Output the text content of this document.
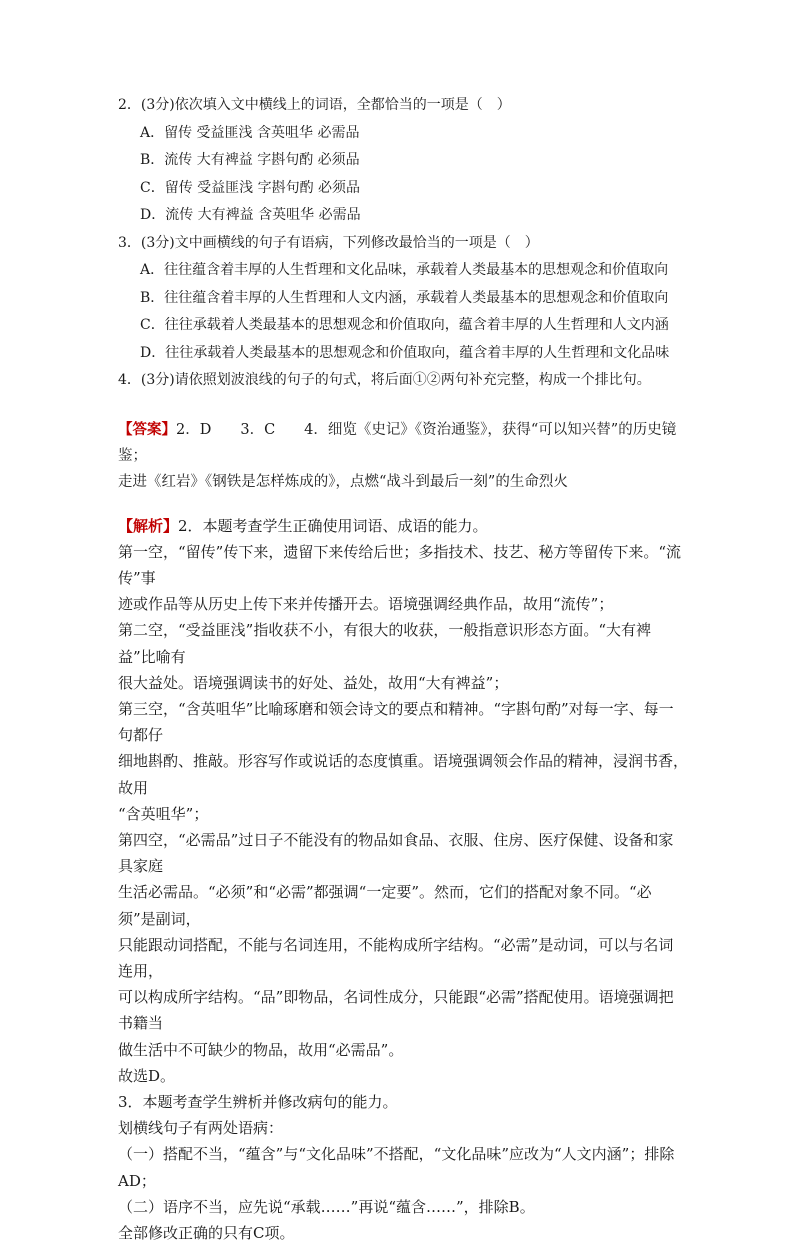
2．(3分)依次填入文中横线上的词语，全都恰当的一项是（　）
A．留传 受益匪浅 含英咀华 必需品
B．流传 大有裨益 字斟句酌 必须品
C．留传 受益匪浅 字斟句酌 必须品
D．流传 大有裨益 含英咀华 必需品
3．(3分)文中画横线的句子有语病，下列修改最恰当的一项是（　）
A．往往蕴含着丰厚的人生哲理和文化品味，承载着人类最基本的思想观念和价值取向
B．往往蕴含着丰厚的人生哲理和人文内涵，承载着人类最基本的思想观念和价值取向
C．往往承载着人类最基本的思想观念和价值取向，蕴含着丰厚的人生哲理和人文内涵
D．往往承载着人类最基本的思想观念和价值取向，蕴含着丰厚的人生哲理和文化品味
4．(3分)请依照划波浪线的句子的句式，将后面①②两句补充完整，构成一个排比句。
【答案】2．D　　3．C　　4．细览《史记》《资治通鉴》，获得“可以知兴替”的历史镜鉴；
走进《红岩》《钢铁是怎样炼成的》，点燃“战斗到最后一刻”的生命烈火
【解析】2．本题考查学生正确使用词语、成语的能力。
第一空，“留传”传下来，遗留下来传给后世；多指技术、技艺、秘方等留传下来。“流传”事
迹或作品等从历史上传下来并传播开去。语境强调经典作品，故用“流传”；
第二空，“受益匪浅”指收获不小，有很大的收获，一般指意识形态方面。“大有裨益”比喻有
很大益处。语境强调读书的好处、益处，故用“大有裨益”；
第三空，“含英咀华”比喻琢磨和领会诗文的要点和精神。“字斟句酌”对每一字、每一句都仔
细地斟酌、推敲。形容写作或说话的态度慎重。语境强调领会作品的精神，浸润书香，故用
“含英咀华”；
第四空，“必需品”过日子不能没有的物品如食品、衣服、住房、医疗保健、设备和家具家庭
生活必需品。“必须”和“必需”都强调“一定要”。然而，它们的搭配对象不同。“必须”是副词，
只能跟动词搭配，不能与名词连用，不能构成所字结构。“必需”是动词，可以与名词连用，
可以构成所字结构。“品”即物品，名词性成分，只能跟“必需”搭配使用。语境强调把书籍当
做生活中不可缺少的物品，故用“必需品”。
故选D。
3．本题考查学生辨析并修改病句的能力。
划横线句子有两处语病：
（一）搭配不当，“蕴含”与“文化品味”不搭配，“文化品味”应改为“人文内涵”；排除AD；
（二）语序不当，应先说“承载……”再说“蕴含……”，排除B。
全部修改正确的只有C项。
